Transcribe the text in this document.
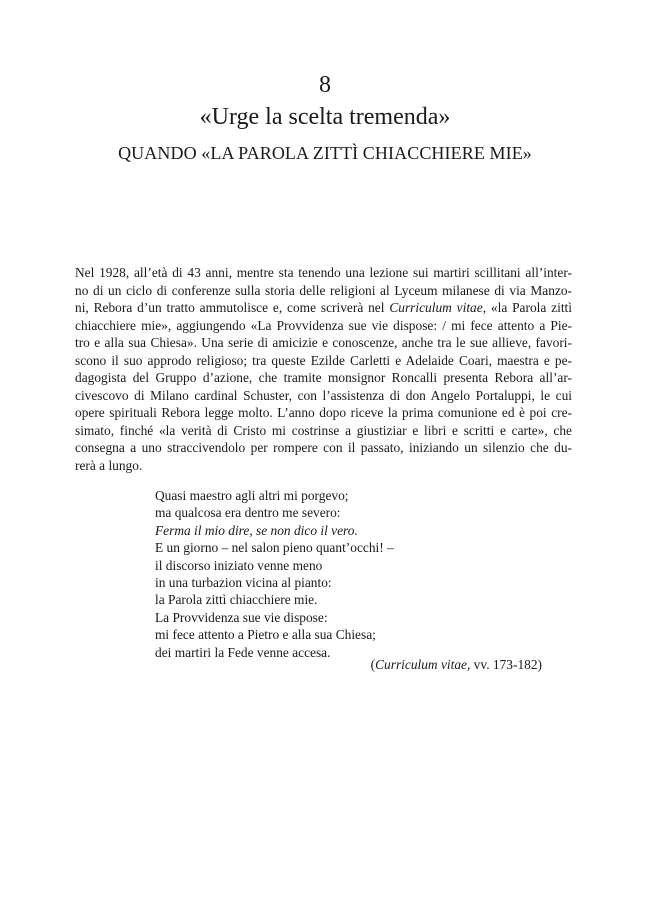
8
«Urge la scelta tremenda»
QUANDO «LA PAROLA ZITTÌ CHIACCHIERE MIE»
Nel 1928, all’età di 43 anni, mentre sta tenendo una lezione sui martiri scillitani all’inter-
no di un ciclo di conferenze sulla storia delle religioni al Lyceum milanese di via Manzo-
ni, Rebora d’un tratto ammutolisce e, come scriverà nel Curriculum vitae, «la Parola zittì
chiacchiere mie», aggiungendo «La Provvidenza sue vie dispose: / mi fece attento a Pie-
tro e alla sua Chiesa». Una serie di amicizie e conoscenze, anche tra le sue allieve, favori-
scono il suo approdo religioso; tra queste Ezilde Carletti e Adelaide Coari, maestra e pe-
dagogista del Gruppo d’azione, che tramite monsignor Roncalli presenta Rebora all’ar-
civescovo di Milano cardinal Schuster, con l’assistenza di don Angelo Portaluppi, le cui
opere spirituali Rebora legge molto. L’anno dopo riceve la prima comunione ed è poi cre-
simato, finché «la verità di Cristo mi costrinse a giustiziar e libri e scritti e carte», che
consegna a uno straccivendolo per rompere con il passato, iniziando un silenzio che du-
rerà a lungo.
Quasi maestro agli altri mi porgevo;
ma qualcosa era dentro me severo:
Ferma il mio dire, se non dico il vero.
E un giorno – nel salon pieno quant’occhi! –
il discorso iniziato venne meno
in una turbazion vicina al pianto:
la Parola zittì chiacchiere mie.
La Provvidenza sue vie dispose:
mi fece attento a Pietro e alla sua Chiesa;
dei martiri la Fede venne accesa.
(Curriculum vitae, vv. 173-182)
